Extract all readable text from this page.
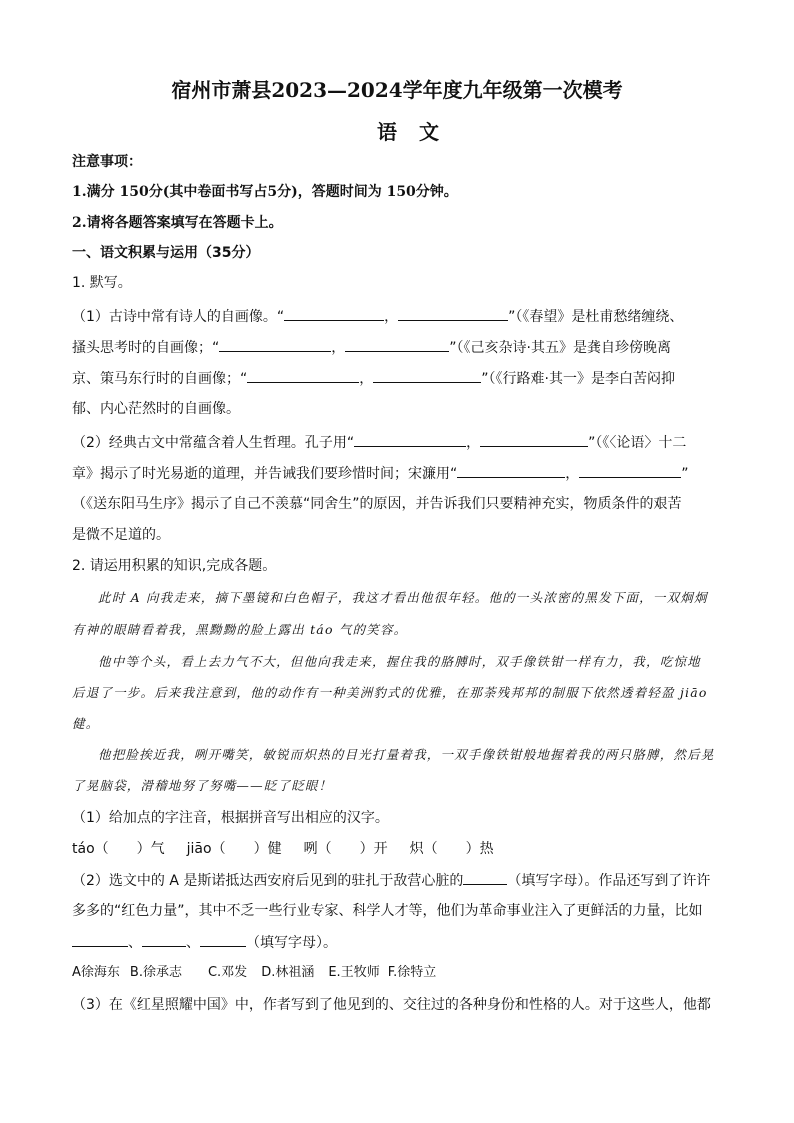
宿州市萧县2023—2024学年度九年级第一次模考
语文
注意事项：
1.满分 150分(其中卷面书写占5分)，答题时间为 150分钟。
2.请将各题答案填写在答题卡上。
一、语文积累与运用（35分）
1. 默写。
（1）古诗中常有诗人的自画像。“	，	”（《春望》是杜甫愁绪缠绕、
搔头思考时的自画像；“	，	”（《己亥杂诗·其五》是龚自珍傍晚离
京、策马东行时的自画像；“	，	”（《行路难·其一》是李白苦闷抑
郁、内心茫然时的自画像。
（2）经典古文中常蕴含着人生哲理。孔子用“	，	”（《〈论语〉十二
章》揭示了时光易逝的道理，并告诫我们要珍惜时间；宋濂用“	，	”
（《送东阳马生序》揭示了自己不羡慕“同舍生”的原因，并告诉我们只要精神充实，物质条件的艰苦
是微不足道的。
2. 请运用积累的知识,完成各题。
此时 A 向我走来，摘下墨镜和白色帽子，我这才看出他很年轻。他的一头浓密的黑发下面，一双炯炯
有神的眼睛看着我，黑黝黝的脸上露出 táo 气的笑容。
他中等个头，看上去力气不大，但他向我走来，握住我的胳膊时，双手像铁钳一样有力，我，吃惊地
后退了一步。后来我注意到，他的动作有一种美洲豹式的优雅，在那荼残邦邦的制服下依然透着轻盈 jiāo
健。
他把脸挨近我，咧开嘴笑，敏锐而炽热的目光打量着我，一双手像铁钳般地握着我的两只胳膊，然后晃
了晃脑袋，滑稽地努了努嘴——眨了眨眼！
（1）给加点的字注音，根据拼音写出相应的汉字。
táo（　　）气 jiāo（　　）健 咧（　　）开 炽（　　）热
（2）选文中的 A 是斯诺抵达西安府后见到的驻扎于敌营心脏的	（填写字母）。作品还写到了许许
多多的“红色力量”，其中不乏一些行业专家、科学人才等，他们为革命事业注入了更鲜活的力量，比如
、	、	（填写字母）。
A徐海东 B.徐承志 C.邓发 D.林祖涵 E.王牧师 F.徐特立
（3）在《红星照耀中国》中，作者写到了他见到的、交往过的各种身份和性格的人。对于这些人，他都
